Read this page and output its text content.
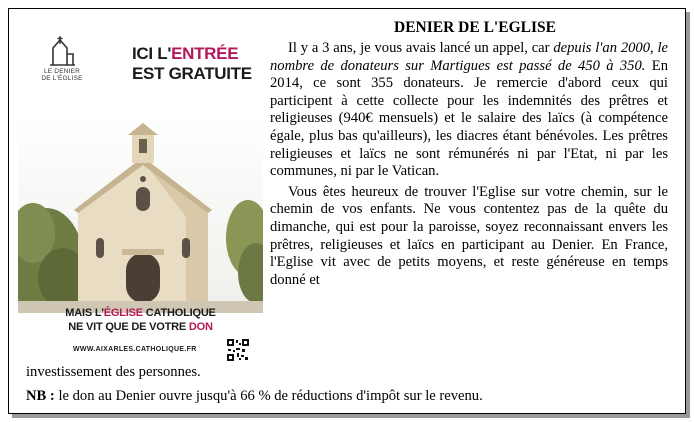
LE DENIER
DE L'ÉGLISE
ICI L'ENTRÉE
EST GRATUITE
MAIS L'ÉGLISE CATHOLIQUE
NE VIT QUE DE VOTRE DON
WWW.AIXARLES.CATHOLIQUE.FR
DENIER DE L'EGLISE

Il y a 3 ans, je vous avais lancé un appel, car depuis l'an 2000, le nombre de donateurs sur Martigues est passé de 450 à 350. En 2014, ce sont 355 donateurs. Je remercie d'abord ceux qui participent à cette collecte pour les indemnités des prêtres et religieuses (940€ mensuels) et le salaire des laïcs (à compétence égale, plus bas qu'ailleurs), les diacres étant bénévoles. Les prêtres religieuses et laïcs ne sont rémunérés ni par l'Etat, ni par les communes, ni par le Vatican.

Vous êtes heureux de trouver l'Eglise sur votre chemin, sur le chemin de vos enfants. Ne vous contentez pas de la quête du dimanche, qui est pour la paroisse, soyez reconnaissant envers les prêtres, religieuses et laïcs en participant au Denier. En France, l'Eglise vit avec de petits moyens, et reste généreuse en temps donné et

investissement des personnes.
NB : le don au Denier ouvre jusqu'à 66 % de réductions d'impôt sur le revenu.
